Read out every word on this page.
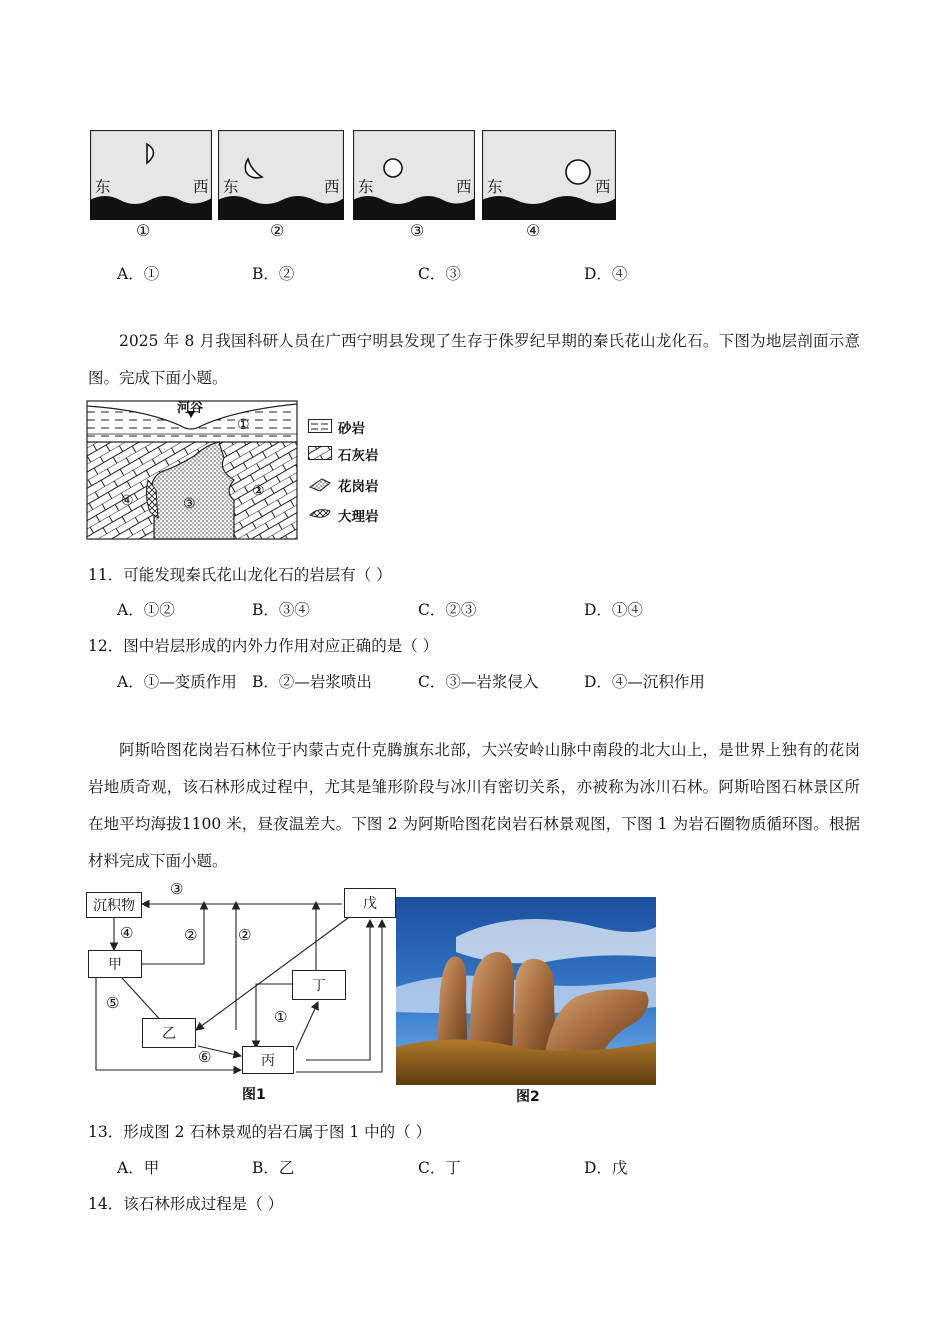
东	西 东	西 东	西 东	西
①	②	③	④
A．①	B．②	C．③	D．④
2025 年 8 月我国科研人员在广西宁明县发现了生存于侏罗纪早期的秦氏花山龙化石。下图为地层剖面示意图。完成下面小题。
河谷
①
②
③
④
砂岩
石灰岩
花岗岩
大理岩
11．可能发现秦氏花山龙化石的岩层有（ ）
A．①②	B．③④	C．②③	D．①④
12．图中岩层形成的内外力作用对应正确的是（ ）
A．①—变质作用 B．②—岩浆喷出	C．③—岩浆侵入	D．④—沉积作用
阿斯哈图花岗岩石林位于内蒙古克什克腾旗东北部，大兴安岭山脉中南段的北大山上，是世界上独有的花岗岩地质奇观，该石林形成过程中，尤其是雏形阶段与冰川有密切关系，亦被称为冰川石林。阿斯哈图石林景区所在地平均海拔1100 米，昼夜温差大。下图 2 为阿斯哈图花岗岩石林景观图，下图 1 为岩石圈物质循环图。根据材料完成下面小题。
沉积物	戊
甲
丁
乙
丙
③
④	②	②
⑤
⑥
①
图1	图2
13．形成图 2 石林景观的岩石属于图 1 中的（ ）
A．甲	B．乙	C．丁	D．戊
14．该石林形成过程是（ ）
